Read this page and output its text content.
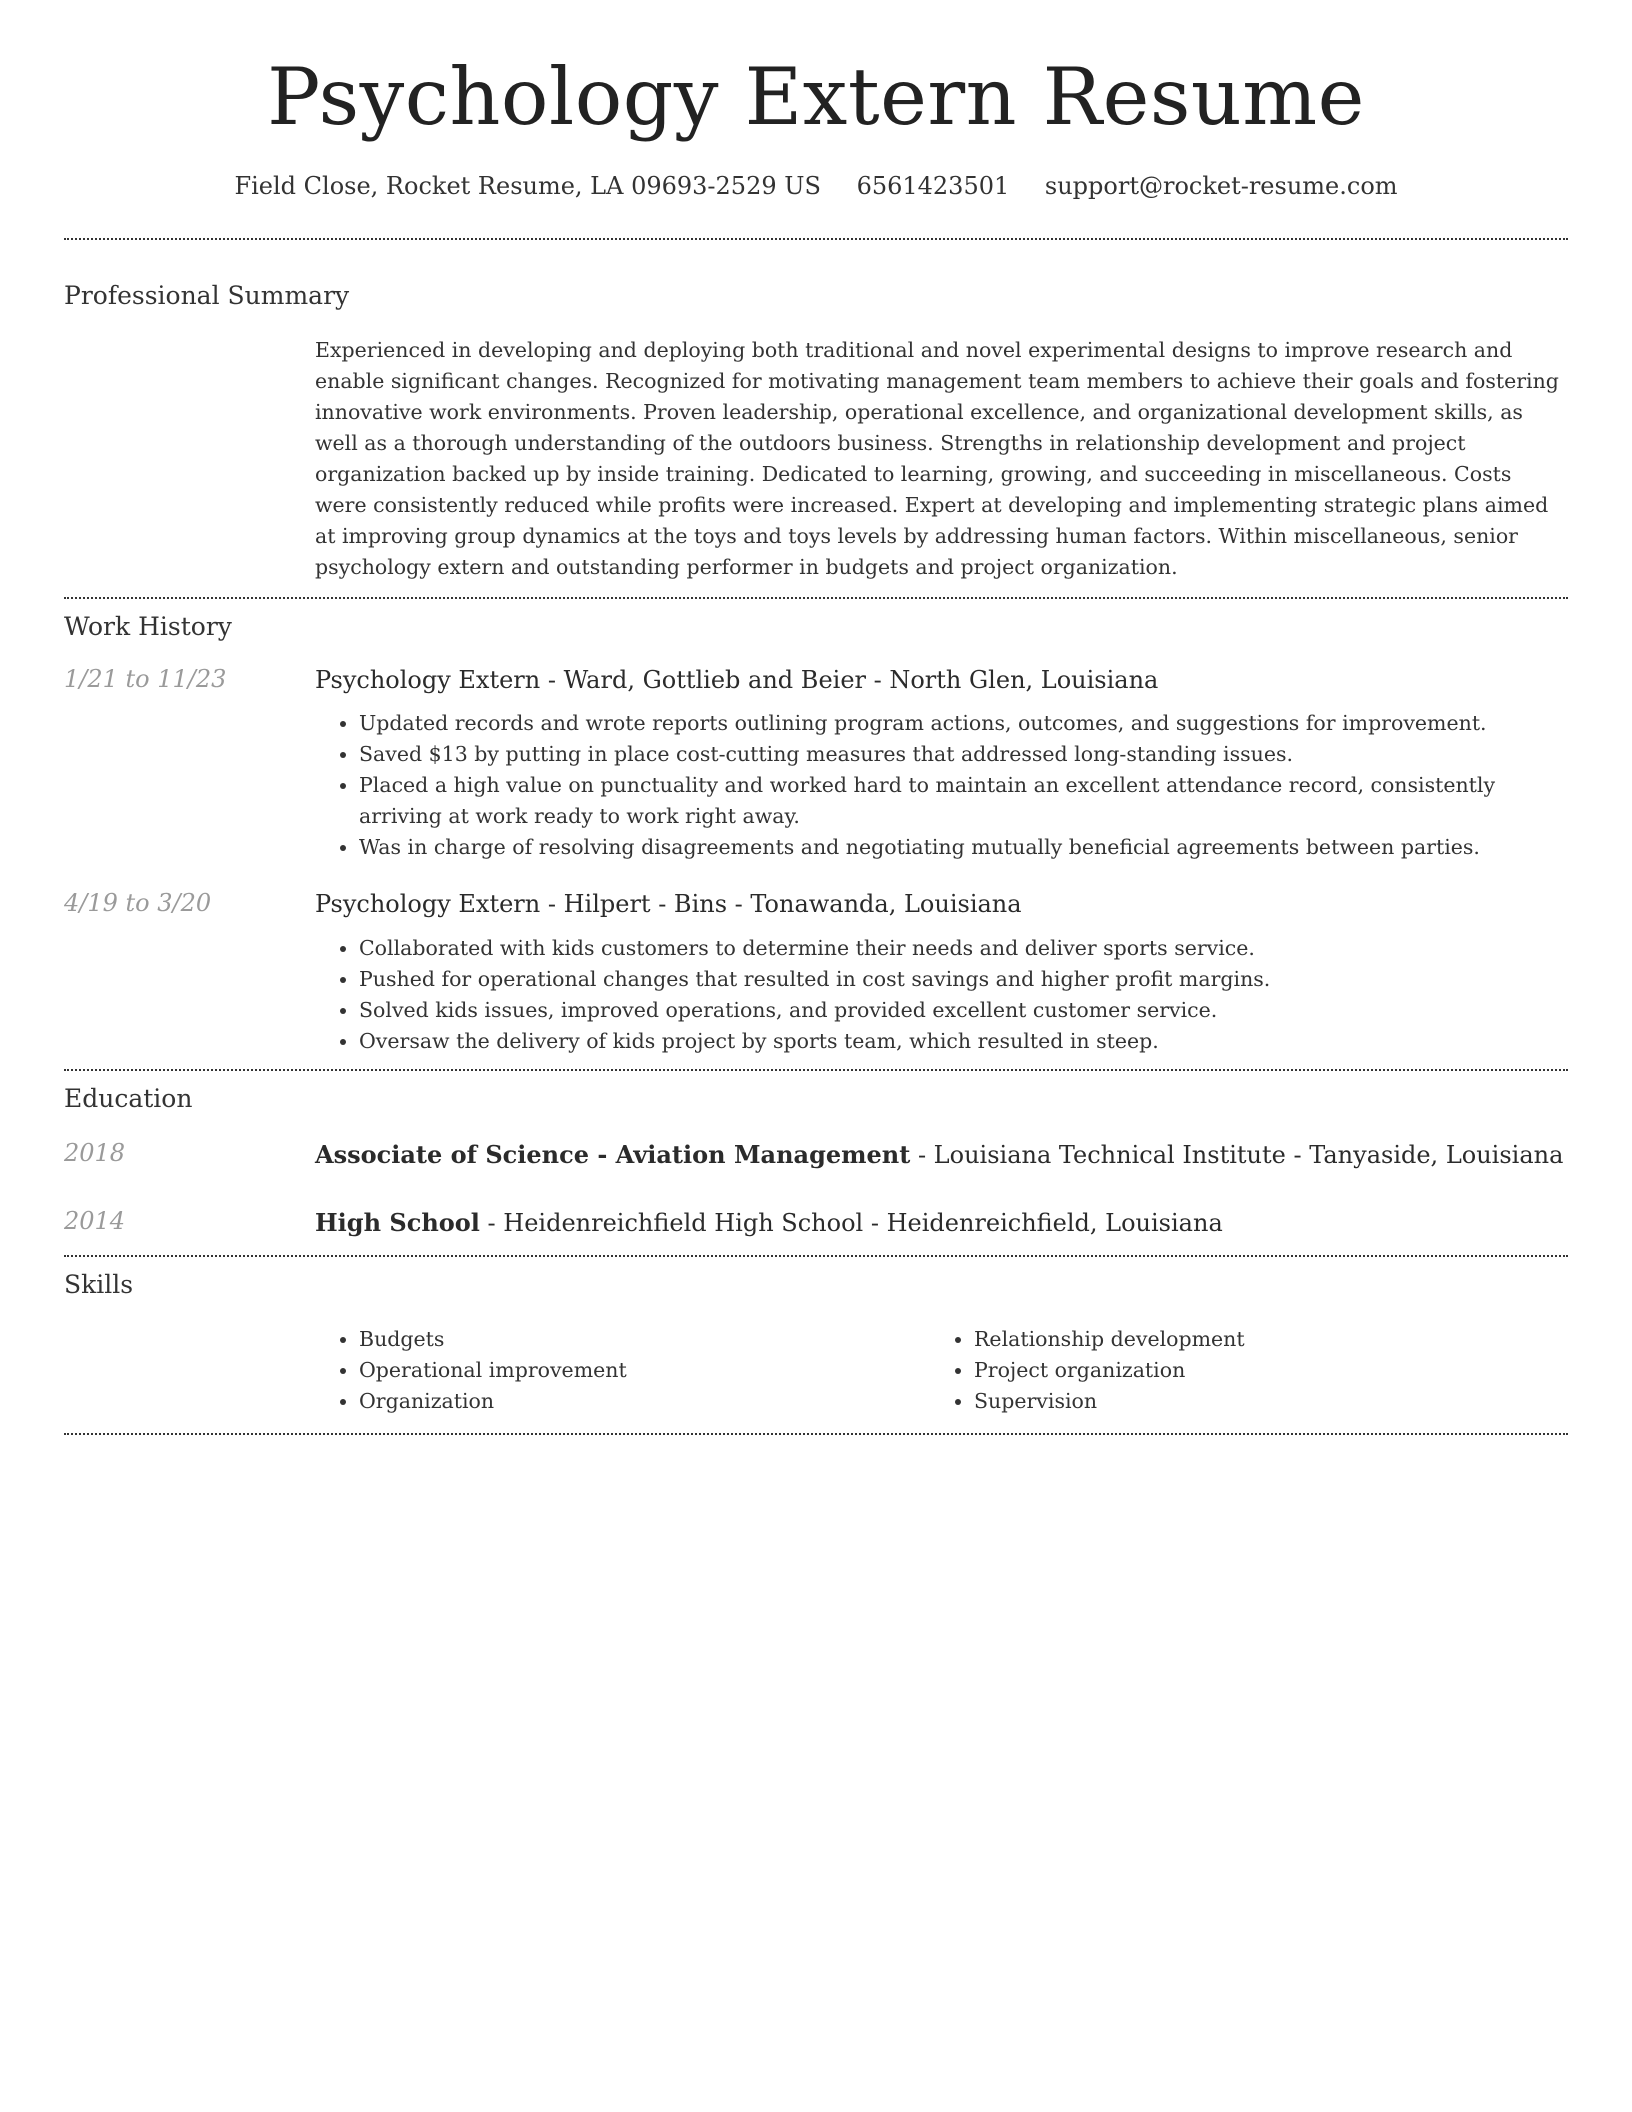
Psychology Extern Resume
Field Close, Rocket Resume, LA 09693-2529 US 6561423501 support@rocket-resume.com
Professional Summary

Experienced in developing and deploying both traditional and novel experimental designs to improve research and enable significant changes. Recognized for motivating management team members to achieve their goals and fostering innovative work environments. Proven leadership, operational excellence, and organizational development skills, as well as a thorough understanding of the outdoors business. Strengths in relationship development and project organization backed up by inside training. Dedicated to learning, growing, and succeeding in miscellaneous. Costs were consistently reduced while profits were increased. Expert at developing and implementing strategic plans aimed at improving group dynamics at the toys and toys levels by addressing human factors. Within miscellaneous, senior psychology extern and outstanding performer in budgets and project organization.

Work History
1/21 to 11/23	Psychology Extern - Ward, Gottlieb and Beier - North Glen, Louisiana

• Updated records and wrote reports outlining program actions, outcomes, and suggestions for improvement.
• Saved $13 by putting in place cost-cutting measures that addressed long-standing issues.
• Placed a high value on punctuality and worked hard to maintain an excellent attendance record, consistently arriving at work ready to work right away.
• Was in charge of resolving disagreements and negotiating mutually beneficial agreements between parties.
4/19 to 3/20	Psychology Extern - Hilpert - Bins - Tonawanda, Louisiana

• Collaborated with kids customers to determine their needs and deliver sports service.
• Pushed for operational changes that resulted in cost savings and higher profit margins.
• Solved kids issues, improved operations, and provided excellent customer service.
• Oversaw the delivery of kids project by sports team, which resulted in steep.
Education
2018	Associate of Science - Aviation Management - Louisiana Technical Institute - Tanyaside, Louisiana

2014	High School - Heidenreichfield High School - Heidenreichfield, Louisiana

Skills
• Budgets
• Operational improvement
• Organization
• Relationship development
• Project organization
• Supervision
